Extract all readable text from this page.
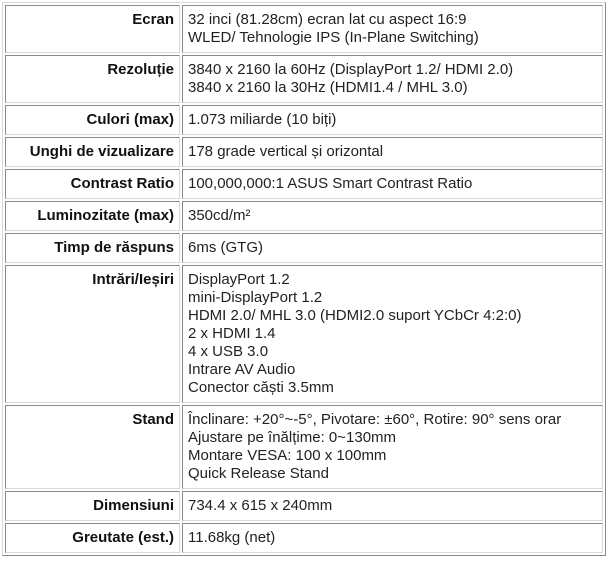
Ecran	32 inci (81.28cm) ecran lat cu aspect 16:9
WLED/ Tehnologie IPS (In-Plane Switching)

Rezoluție	3840 x 2160 la 60Hz (DisplayPort 1.2/ HDMI 2.0)
3840 x 2160 la 30Hz (HDMI1.4 / MHL 3.0)

Culori (max)	1.073 miliarde (10 biți)

Unghi de vizualizare	178 grade vertical și orizontal

Contrast Ratio	100,000,000:1 ASUS Smart Contrast Ratio

Luminozitate (max)	350cd/m²

Timp de răspuns	6ms (GTG)

Intrări/Ieșiri	DisplayPort 1.2
mini-DisplayPort 1.2
HDMI 2.0/ MHL 3.0 (HDMI2.0 suport YCbCr 4:2:0)
2 x HDMI 1.4
4 x USB 3.0
Intrare AV Audio
Conector căști 3.5mm

Stand	Înclinare: +20°~-5°, Pivotare: ±60°, Rotire: 90° sens orar
Ajustare pe înălțime: 0~130mm
Montare VESA: 100 x 100mm
Quick Release Stand

Dimensiuni	734.4 x 615 x 240mm

Greutate (est.)	11.68kg (net)
